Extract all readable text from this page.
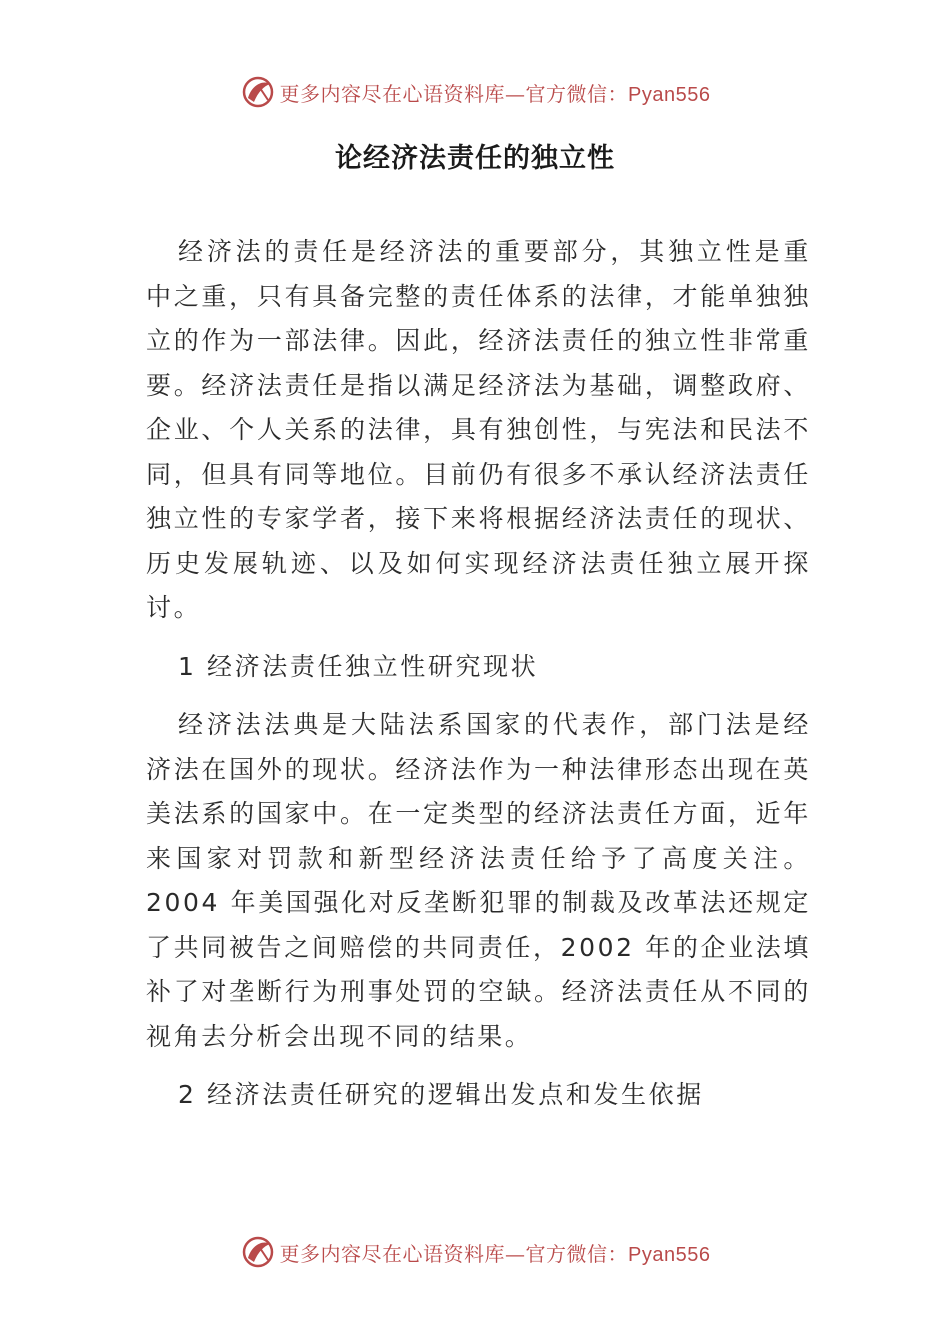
更多内容尽在心语资料库—官方微信：Pyan556
论经济法责任的独立性

经济法的责任是经济法的重要部分，其独立性是重中之重，只有具备完整的责任体系的法律，才能单独独立的作为一部法律。因此，经济法责任的独立性非常重要。经济法责任是指以满足经济法为基础，调整政府、企业、个人关系的法律，具有独创性，与宪法和民法不同，但具有同等地位。目前仍有很多不承认经济法责任独立性的专家学者，接下来将根据经济法责任的现状、历史发展轨迹、以及如何实现经济法责任独立展开探讨。

1 经济法责任独立性研究现状

经济法法典是大陆法系国家的代表作，部门法是经济法在国外的现状。经济法作为一种法律形态出现在英美法系的国家中。在一定类型的经济法责任方面，近年来国家对罚款和新型经济法责任给予了高度关注。2004 年美国强化对反垄断犯罪的制裁及改革法还规定了共同被告之间赔偿的共同责任，2002 年的企业法填补了对垄断行为刑事处罚的空缺。经济法责任从不同的视角去分析会出现不同的结果。

2 经济法责任研究的逻辑出发点和发生依据

更多内容尽在心语资料库—官方微信：Pyan556
